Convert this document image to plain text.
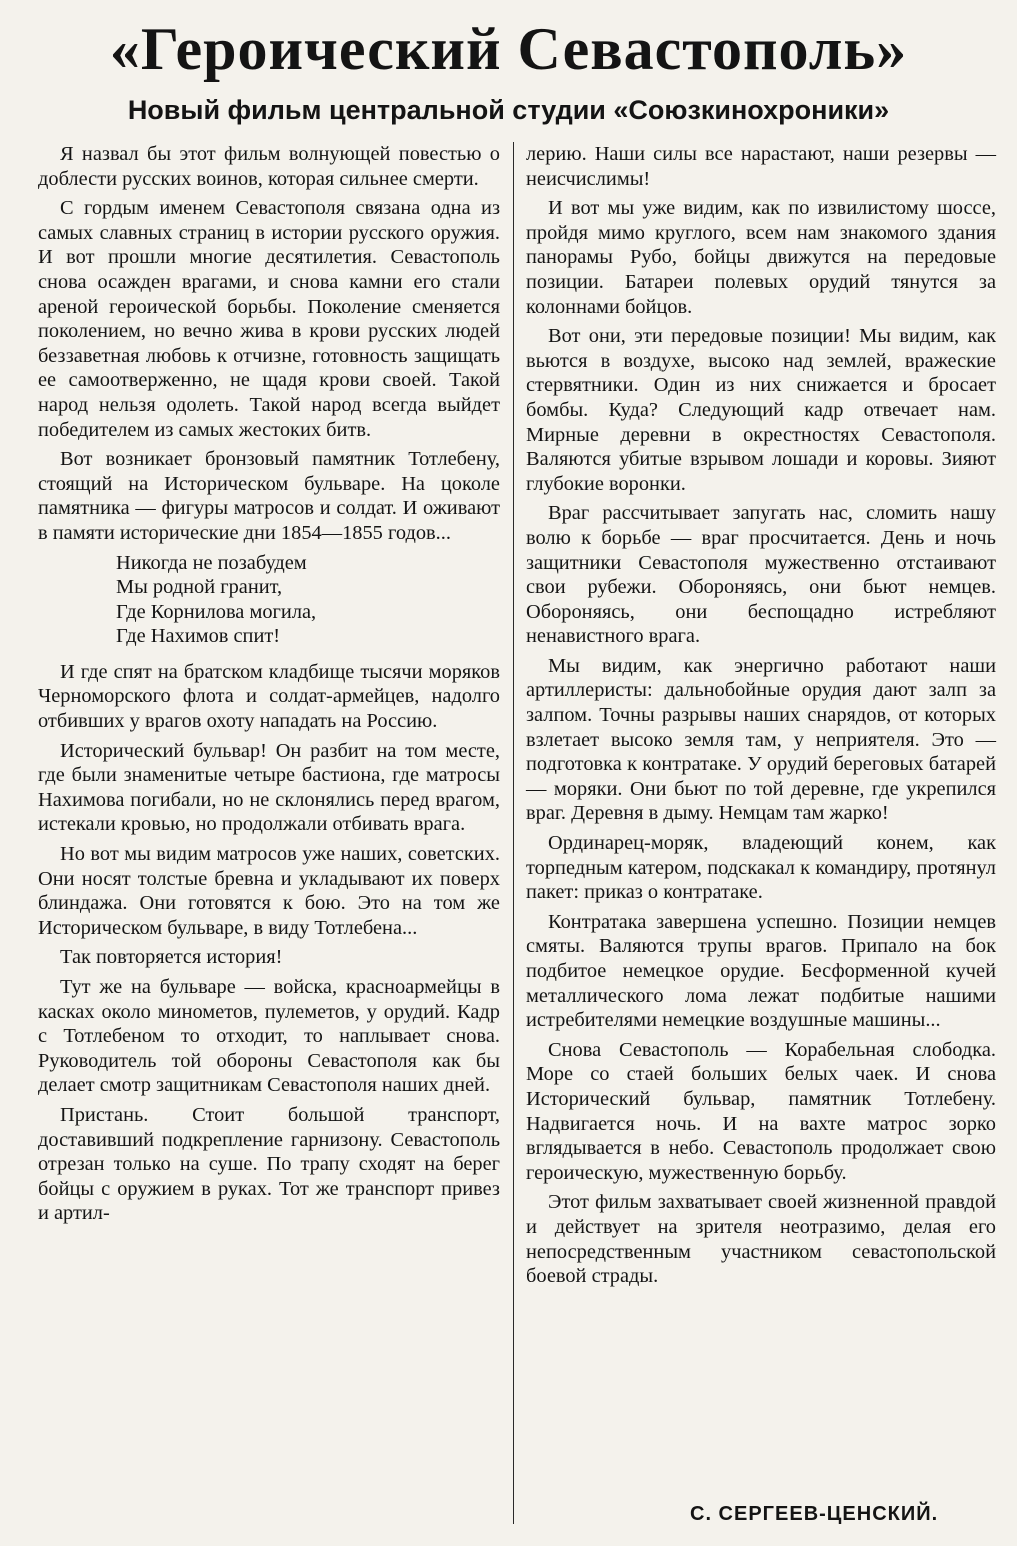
«Героический Севастополь»
Новый фильм центральной студии «Союзкинохроники»

Я назвал бы этот фильм волнующей повестью о доблести русских воинов, которая сильнее смерти.

С гордым именем Севастополя связана одна из самых славных страниц в истории русского оружия. И вот прошли многие десятилетия. Севастополь снова осажден врагами, и снова камни его стали ареной героической борьбы. Поколение сменяется поколением, но вечно жива в крови русских людей беззаветная любовь к отчизне, готовность защищать ее самоотверженно, не щадя крови своей. Такой народ нельзя одолеть. Такой народ всегда выйдет победителем из самых жестоких битв.

Вот возникает бронзовый памятник Тотлебену, стоящий на Историческом бульваре. На цоколе памятника — фигуры матросов и солдат. И оживают в памяти исторические дни 1854—1855 годов...

Никогда не позабудем
Мы родной гранит,
Где Корнилова могила,
Где Нахимов спит!

И где спят на братском кладбище тысячи моряков Черноморского флота и солдат-армейцев, надолго отбивших у врагов охоту нападать на Россию.

Исторический бульвар! Он разбит на том месте, где были знаменитые четыре бастиона, где матросы Нахимова погибали, но не склонялись перед врагом, истекали кровью, но продолжали отбивать врага.

Но вот мы видим матросов уже наших, советских. Они носят толстые бревна и укладывают их поверх блиндажа. Они готовятся к бою. Это на том же Историческом бульваре, в виду Тотлебена...

Так повторяется история!

Тут же на бульваре — войска, красноармейцы в касках около минометов, пулеметов, у орудий. Кадр с Тотлебеном то отходит, то наплывает снова. Руководитель той обороны Севастополя как бы делает смотр защитникам Севастополя наших дней.

Пристань. Стоит большой транспорт, доставивший подкрепление гарнизону. Севастополь отрезан только на суше. По трапу сходят на берег бойцы с оружием в руках. Тот же транспорт привез и артил-

лерию. Наши силы все нарастают, наши резервы — неисчислимы!

И вот мы уже видим, как по извилистому шоссе, пройдя мимо круглого, всем нам знакомого здания панорамы Рубо, бойцы движутся на передовые позиции. Батареи полевых орудий тянутся за колоннами бойцов.

Вот они, эти передовые позиции! Мы видим, как вьются в воздухе, высоко над землей, вражеские стервятники. Один из них снижается и бросает бомбы. Куда? Следующий кадр отвечает нам. Мирные деревни в окрестностях Севастополя. Валяются убитые взрывом лошади и коровы. Зияют глубокие воронки.

Враг рассчитывает запугать нас, сломить нашу волю к борьбе — враг просчитается. День и ночь защитники Севастополя мужественно отстаивают свои рубежи. Обороняясь, они бьют немцев. Обороняясь, они беспощадно истребляют ненавистного врага.

Мы видим, как энергично работают наши артиллеристы: дальнобойные орудия дают залп за залпом. Точны разрывы наших снарядов, от которых взлетает высоко земля там, у неприятеля. Это — подготовка к контратаке. У орудий береговых батарей — моряки. Они бьют по той деревне, где укрепился враг. Деревня в дыму. Немцам там жарко!

Ординарец-моряк, владеющий конем, как торпедным катером, подскакал к командиру, протянул пакет: приказ о контратаке.

Контратака завершена успешно. Позиции немцев смяты. Валяются трупы врагов. Припало на бок подбитое немецкое орудие. Бесформенной кучей металлического лома лежат подбитые нашими истребителями немецкие воздушные машины...

Снова Севастополь — Корабельная слободка. Море со стаей больших белых чаек. И снова Исторический бульвар, памятник Тотлебену. Надвигается ночь. И на вахте матрос зорко вглядывается в небо. Севастополь продолжает свою героическую, мужественную борьбу.

Этот фильм захватывает своей жизненной правдой и действует на зрителя неотразимо, делая его непосредственным участником севастопольской боевой страды.

С. СЕРГЕЕВ-ЦЕНСКИЙ.
